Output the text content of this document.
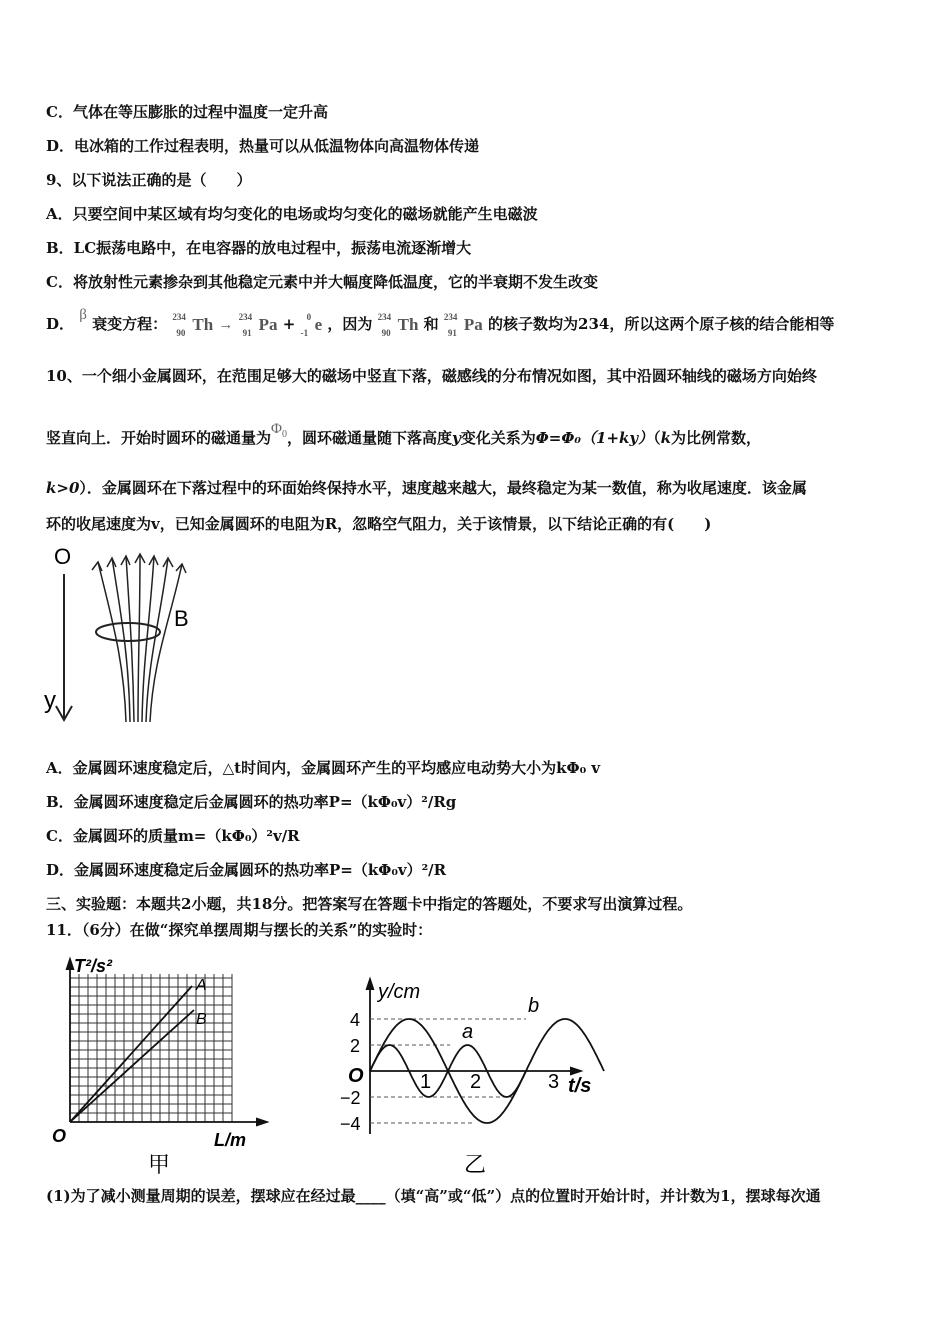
C．气体在等压膨胀的过程中温度一定升高
D．电冰箱的工作过程表明，热量可以从低温物体向高温物体传递
9、以下说法正确的是（　　）
A．只要空间中某区域有均匀变化的电场或均匀变化的磁场就能产生电磁波
B．LC振荡电路中，在电容器的放电过程中，振荡电流逐渐增大
C．将放射性元素掺杂到其他稳定元素中并大幅度降低温度，它的半衰期不发生改变
D． β 衰变方程： 234
90 Th → 234
91 Pa + 0
-1 e ，因为 234
90 Th 和 234
91 Pa 的核子数均为234，所以这两个原子核的结合能相等
10、一个细小金属圆环，在范围足够大的磁场中竖直下落，磁感线的分布情况如图，其中沿圆环轴线的磁场方向始终
竖直向上．开始时圆环的磁通量为$\Phi_0$，圆环磁通量随下落高度y变化关系为Φ=Φ₀（1+ky）（k为比例常数，
k>0）．金属圆环在下落过程中的环面始终保持水平，速度越来越大，最终稳定为某一数值，称为收尾速度．该金属
环的收尾速度为v，已知金属圆环的电阻为R，忽略空气阻力，关于该情景，以下结论正确的有(　　)
O
y
B
A．金属圆环速度稳定后，△t时间内，金属圆环产生的平均感应电动势大小为kΦ₀ v
B．金属圆环速度稳定后金属圆环的热功率P=（kΦ₀v）²/Rg
C．金属圆环的质量m=（kΦ₀）²v/R
D．金属圆环速度稳定后金属圆环的热功率P=（kΦ₀v）²/R
三、实验题：本题共2小题，共18分。把答案写在答题卡中指定的答题处，不要求写出演算过程。
11．（6分）在做“探究单摆周期与摆长的关系”的实验时：
T²/s²
A
B
O	L/m
甲
y/cm
4
2
−2
−4
O	1 2	3 t/s
a
b
乙
(1)为了减小测量周期的误差，摆球应在经过最____（填“高”或“低”）点的位置时开始计时，并计数为1，摆球每次通
